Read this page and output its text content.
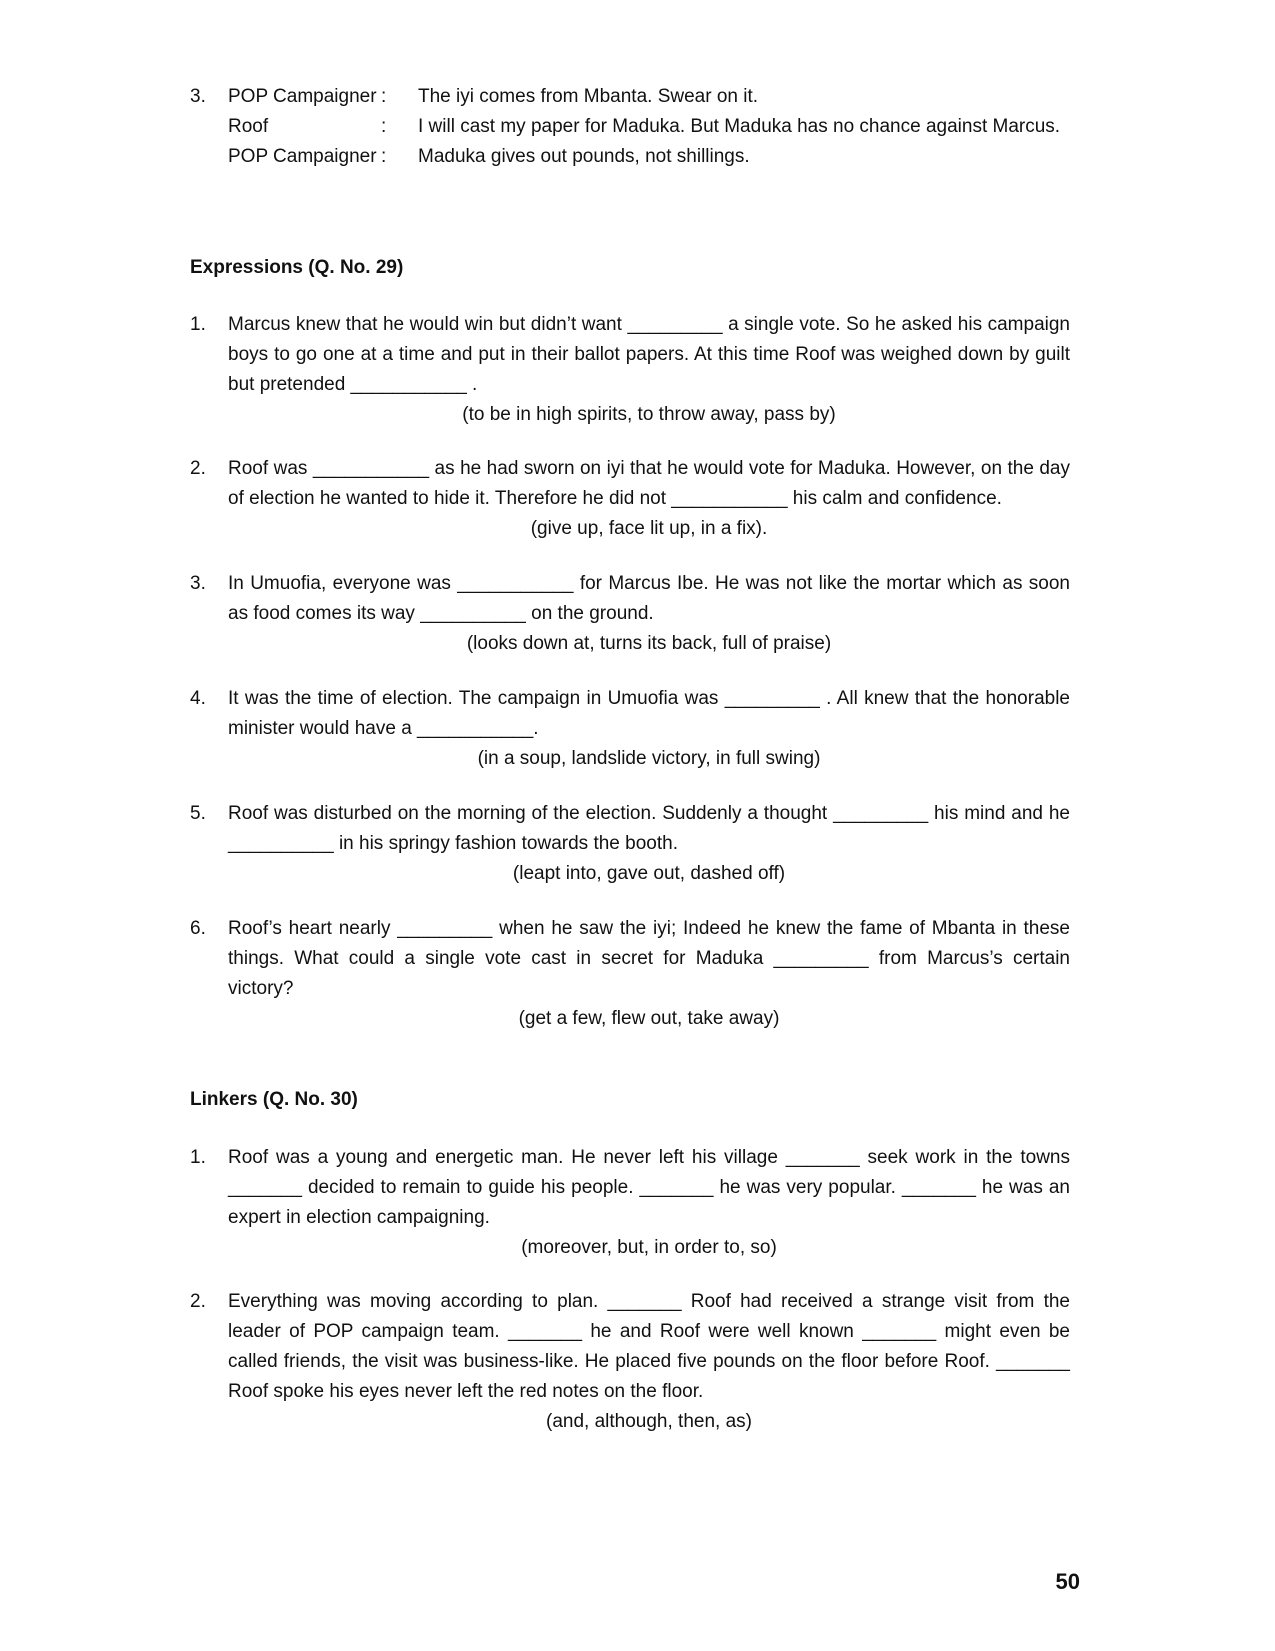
3.	POP Campaigner :	The iyi comes from Mbanta. Swear on it.
Roof	:	I will cast my paper for Maduka. But Maduka has no chance against Marcus.
POP Campaigner :	Maduka gives out pounds, not shillings.
Expressions (Q. No. 29)
1.	Marcus knew that he would win but didn’t want _________ a single vote. So he asked his campaign boys to go one at a time and put in their ballot papers. At this time Roof was weighed down by guilt but pretended ___________ .
(to be in high spirits, to throw away, pass by)
2.	Roof was ___________ as he had sworn on iyi that he would vote for Maduka. However, on the day of election he wanted to hide it. Therefore he did not ___________ his calm and confidence.
(give up, face lit up, in a fix).
3.	In Umuofia, everyone was ___________ for Marcus Ibe. He was not like the mortar which as soon as food comes its way __________ on the ground.
(looks down at, turns its back, full of praise)
4.	It was the time of election. The campaign in Umuofia was _________ . All knew that the honorable minister would have a ___________.
(in a soup, landslide victory, in full swing)
5.	Roof was disturbed on the morning of the election. Suddenly a thought _________ his mind and he __________ in his springy fashion towards the booth.
(leapt into, gave out, dashed off)
6.	Roof’s heart nearly _________ when he saw the iyi; Indeed he knew the fame of Mbanta in these things. What could a single vote cast in secret for Maduka _________ from Marcus’s certain victory?
(get a few, flew out, take away)
Linkers (Q. No. 30)
1.	Roof was a young and energetic man. He never left his village _______ seek work in the towns _______ decided to remain to guide his people. _______ he was very popular. _______ he was an expert in election campaigning.
(moreover, but, in order to, so)
2.	Everything was moving according to plan. _______ Roof had received a strange visit from the leader of POP campaign team. _______ he and Roof were well known _______ might even be called friends, the visit was business-like. He placed five pounds on the floor before Roof. _______ Roof spoke his eyes never left the red notes on the floor.
(and, although, then, as)
50
